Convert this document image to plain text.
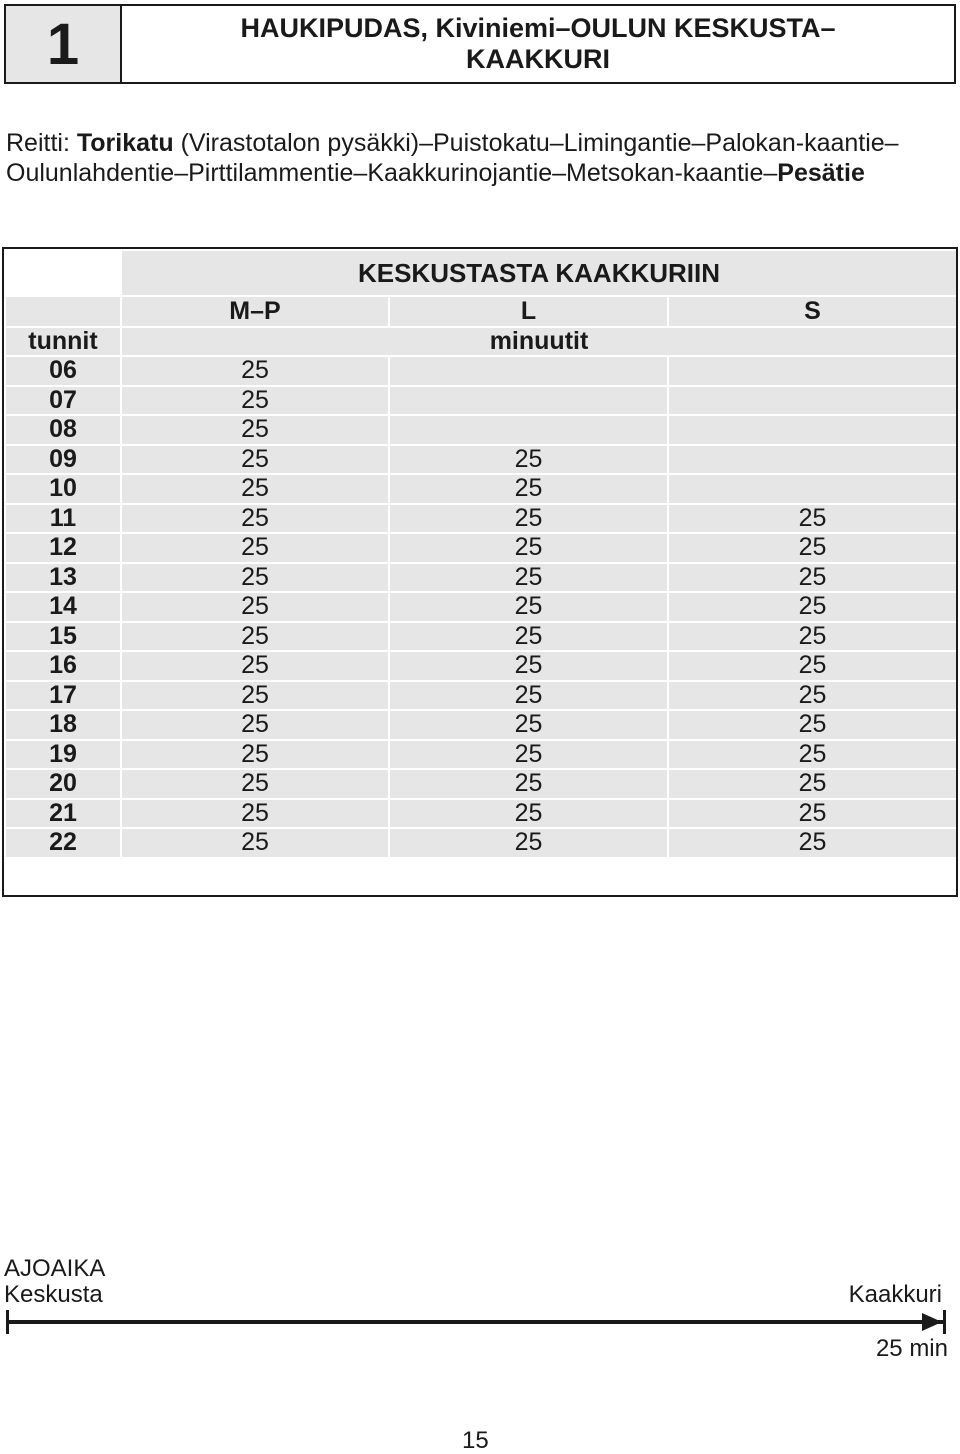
1	HAUKIPUDAS, Kiviniemi–OULUN KESKUSTA–
KAAKKURI
Reitti: Torikatu (Virastotalon pysäkki)–Puistokatu–Limingantie–Palokan-kaantie–Oulunlahdentie–Pirttilammentie–Kaakkurinojantie–Metsokan-kaantie–Pesätie
	KESKUSTASTA KAAKKURIIN		
	M–P	L	S
tunnit	minuutit		
06	25		
07	25		
08	25		
09	25	25	
10	25	25	
11	25	25	25
12	25	25	25
13	25	25	25
14	25	25	25
15	25	25	25
16	25	25	25
17	25	25	25
18	25	25	25
19	25	25	25
20	25	25	25
21	25	25	25
22	25	25	25
AJOAIKA
Keskusta	Kaakkuri
25 min
15
